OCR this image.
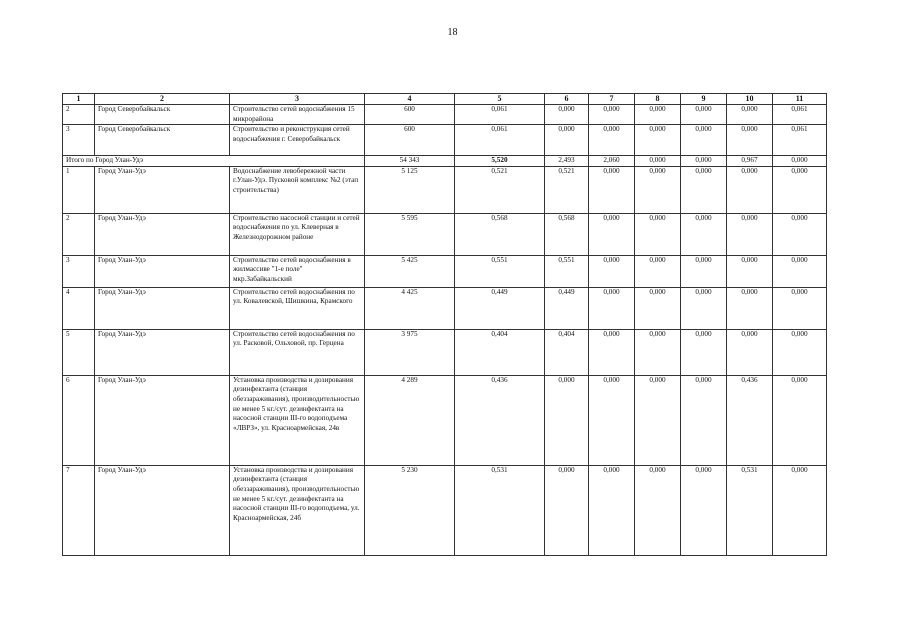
18
1	2	3	4	5	6	7	8	9	10	11
2	Город Северобайкальск	Строительство сетей водоснабжения 15 микрорайона	600	0,061	0,000	0,000	0,000	0,000	0,000	0,061
3	Город Северобайкальск	Строительство и реконструкция сетей водоснабжения г. Северобайкальск	600	0,061	0,000	0,000	0,000	0,000	0,000	0,061
Итого по Город Улан-Удэ			54 343	5,520	2,493	2,060	0,000	0,000	0,967	0,000
1	Город Улан-Удэ	Водоснабжение левобережной части г.Улан-Удэ. Пусковой комплекс №2 (этап строительства)	5 125	0,521	0,521	0,000	0,000	0,000	0,000	0,000
2	Город Улан-Удэ	Строительство насосной станции и сетей водоснабжения по ул. Клеверная в Железнодорожном районе	5 595	0,568	0,568	0,000	0,000	0,000	0,000	0,000
3	Город Улан-Удэ	Строительство сетей водоснабжения в жилмассиве "1-е поле" мкр.Забайкальский	5 425	0,551	0,551	0,000	0,000	0,000	0,000	0,000
4	Город Улан-Удэ	Строительство сетей водоснабжения по ул. Ковалевской, Шишкина, Крамского	4 425	0,449	0,449	0,000	0,000	0,000	0,000	0,000
5	Город Улан-Удэ	Строительство сетей водоснабжения по ул. Расковой, Ольховой, пр. Герцена	3 975	0,404	0,404	0,000	0,000	0,000	0,000	0,000
6	Город Улан-Удэ	Установка производства и дозирования дезинфектанта (станция обеззараживания), производительностью не менее 5 кг./сут. дезинфектанта на насосной станции III-го водоподъема «ЛВРЗ», ул. Красноармейская, 24в	4 289	0,436	0,000	0,000	0,000	0,000	0,436	0,000
7	Город Улан-Удэ	Установка производства и дозирования дезинфектанта (станция обеззараживания), производительностью не менее 5 кг./сут. дезинфектанта на насосной станции III-го водоподъема, ул. Красноармейская, 24б	5 230	0,531	0,000	0,000	0,000	0,000	0,531	0,000
